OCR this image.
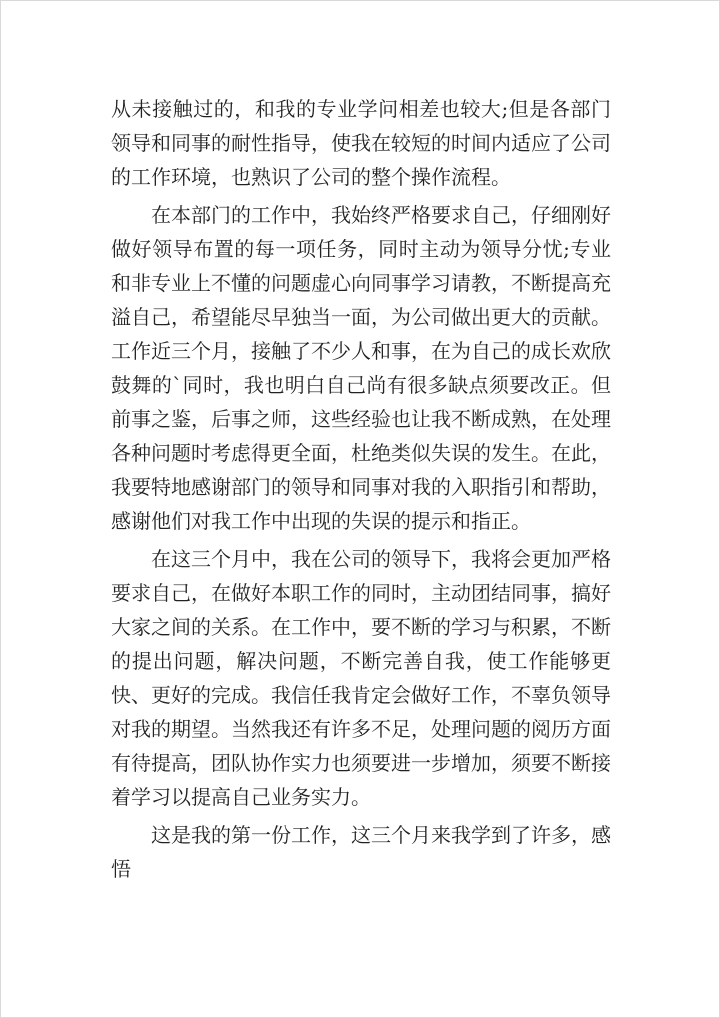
从未接触过的，和我的专业学问相差也较大;但是各部门领导和同事的耐性指导，使我在较短的时间内适应了公司的工作环境，也熟识了公司的整个操作流程。

在本部门的工作中，我始终严格要求自己，仔细刚好做好领导布置的每一项任务，同时主动为领导分忧;专业和非专业上不懂的问题虚心向同事学习请教，不断提高充溢自己，希望能尽早独当一面，为公司做出更大的贡献。 工作近三个月，接触了不少人和事，在为自己的成长欢欣鼓舞的`同时，我也明白自己尚有很多缺点须要改正。但前事之鉴，后事之师，这些经验也让我不断成熟，在处理各种问题时考虑得更全面，杜绝类似失误的发生。在此，我要特地感谢部门的领导和同事对我的入职指引和帮助，感谢他们对我工作中出现的失误的提示和指正。

在这三个月中，我在公司的领导下，我将会更加严格要求自己，在做好本职工作的同时，主动团结同事，搞好大家之间的关系。在工作中，要不断的学习与积累，不断的提出问题，解决问题，不断完善自我，使工作能够更快、更好的完成。我信任我肯定会做好工作，不辜负领导对我的期望。当然我还有许多不足，处理问题的阅历方面有待提高，团队协作实力也须要进一步增加，须要不断接着学习以提高自己业务实力。

这是我的第一份工作，这三个月来我学到了许多，感悟
